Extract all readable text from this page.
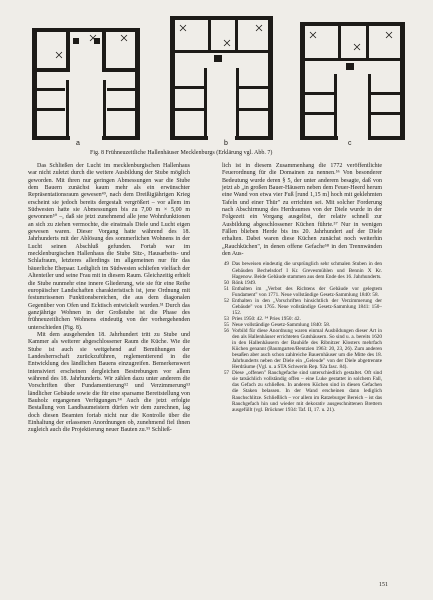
a	b	c
Fig. 8 Frühneuzeitliche Hallenhäuser Mecklenburgs (Erklärung vgl. Abb. 7)

Das Schließen der Lucht im mecklenburgischen Hallenhaus war nicht zuletzt durch die weitere Ausbildung der Stube möglich geworden. Mit ihren nur geringen Abmessungen war die Stube dem Bauern zunächst kaum mehr als ein erwünschter Repräsentationsraum gewesen⁴⁹, nach dem Dreißigjährigen Krieg erscheint sie jedoch bereits dergestalt vergrößert – vor allem im Südwesten hatte sie Abmessungen bis zu 7,00 m × 5,00 m gewonnen⁵⁰ –, daß sie jetzt zunehmend alle jene Wohnfunktionen an sich zu ziehen vermochte, die einstmals Diele und Lucht eigen gewesen waren. Dieser Vorgang hatte während des 18. Jahrhunderts mit der Ablösung des sommerlichen Wohnens in der Lucht seinen Abschluß gefunden. Fortab war im mecklenburgischen Hallenhaus die Stube Sitz-, Hausarbeits- und Schlafraum, letzteres allerdings im allgemeinen nur für das bäuerliche Ehepaar. Lediglich im Südwesten schliefen vielfach der Altenteiler und seine Frau mit in diesem Raum. Gleichzeitig erhielt die Stube nunmehr eine innere Gliederung, wie sie für eine Reihe europäischer Landschaften charakteristisch ist, jene Ordnung mit festumrissenen Funktionsbereichen, die aus dem diagonalen Gegenüber von Ofen und Ecktisch entwickelt wurden.⁵¹ Durch das ganzjährige Wohnen in der Großstube ist die Phase des frühneuzeitlichen Wohnens eindeutig von der vorhergehenden unterschieden (Fig. 8).

Mit dem ausgehenden 18. Jahrhundert tritt zu Stube und Kammer als weiterer abgeschlossener Raum die Küche. Wie die Stube ist auch sie weitgehend auf Bemühungen der Landesherrschaft zurückzuführen, reglementierend in die Entwicklung des ländlichen Bauens einzugreifen. Bemerkenswert intensiviert erscheinen dergleichen Bestrebungen vor allem während des 18. Jahrhunderts. Wir zählen dazu unter anderem die Vorschriften über Fundamentierung⁵² und Verzimmerung⁵³ ländlicher Gebäude sowie die für eine sparsame Bereitstellung von Bauholz ergangenen Verfügungen.⁵⁴ Auch die jetzt erfolgte Bestallung von Landbaumeistern dürfen wir dem zurechnen, lag doch diesen Beamten fortab nicht nur die Kontrolle über die Einhaltung der erlassenen Anordnungen ob, zunehmend fiel ihnen zugleich auch die Projektierung neuer Bauten zu.⁵⁵ Schließ-

lich ist in diesem Zusammenhang die 1772 veröffentlichte Feuerordnung für die Domainen zu nennen.⁵⁶ Von besonderer Bedeutung wurde deren § 5, der unter anderem besagte, daß von jetzt ab „in großen Bauer-Häusern neben dem Feuer-Heerd herum eine Wand von etwa vier Fuß [rund 1,15 m] hoch mit geklehmten Tafeln und einer Thür" zu errichten sei. Mit solcher Forderung nach Abschirmung des Herdraumes von der Diele wurde in der Folgezeit ein Vorgang ausgelöst, der relativ schnell zur Ausbildung abgeschlossener Küchen führte.⁵⁷ Nur in wenigen Fällen blieben Herde bis ins 20. Jahrhundert auf der Diele erhalten. Dabei waren diese Küchen zunächst noch weiterhin „Rauchküchen", in denen offene Gefache⁵⁸ in den Trennwänden den Aus-

49 Das beweisen eindeutig die ursprünglich sehr schmalen Stuben in den Gebäuden Bechelsdorf I Kr. Grevesmühlen und Bennin X Kr. Hagenow. Beide Gebäude stammen aus dem Ende des 16. Jahrhunderts.
50 Rönk 1949.
51 Enthalten im „Verbot des Richtens der Gebäude vor gelegtem Fundament" von 1771. Neue vollständige Gesetz-Sammlung 1840: 58.
52 Enthalten in den „Vorschriften hinsichtlich der Verzimmerung der Gebäude" von 1765. Neue vollständige Gesetz-Sammlung 1841: 150–152.
53 Pries 1950: 42. ⁵⁴ Pries 1950: 42.
55 Neue vollständige Gesetz-Sammlung 1840: 58.
56 Vorbild für diese Anordnung waren einmal Ausbildungen dieser Art in den als Hallenhäuser errichteten Gutshäusern. So sind u. a. bereits 1620 in den Hallenhäusern der Bauhöfe des Ribnitzer Klosters mehrfach Küchen genannt (Baumgarten/Bentzien 1963: 20, 23, 26). Zum anderen besaßen aber auch schon zahlreiche Bauernhäuser um die Mitte des 18. Jahrhunderts neben der Diele ein „Geleude" von der Diele abgetrennte Herdräume (Vgl. u. a STA Schwerin Rep. 92a fasc. 84).
57 Diese „offenen" Rauchgefache sind unterschiedlich gestaltet. Oft sind sie tatsächlich vollständig offen – eine Luke gestattet in solchem Fall, das Gefach zu schließen. In anderen Küchen sind in diesen Gefachen die Staken belassen. In der Wand erscheinen dann lediglich Rauchschlitze. Schließlich – vor allem im Ratzeburger Bereich – ist das Rauchgefach hin und wieder mit dekorativ ausgeschnittenen Brettern ausgefüllt (vgl. Brückner 1934: Taf. II, 17. u. 21).
151
